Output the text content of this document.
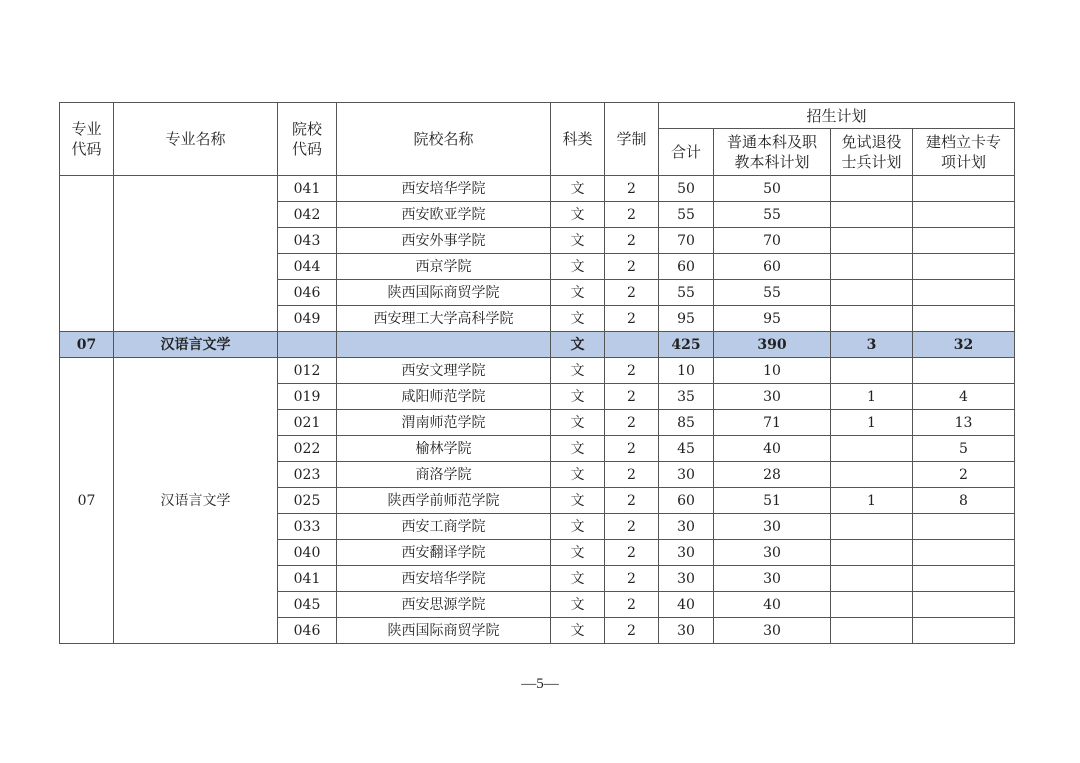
专业代码	专业名称	院校代码	院校名称	科类	学制	招生计划			
						合计	普通本科及职教本科计划	免试退役士兵计划	建档立卡专项计划
		041	西安培华学院	文	2	50	50		
		042	西安欧亚学院	文	2	55	55		
		043	西安外事学院	文	2	70	70		
		044	西京学院	文	2	60	60		
		046	陕西国际商贸学院	文	2	55	55		
		049	西安理工大学高科学院	文	2	95	95		
07	汉语言文学			文		425	390	3	32
07	汉语言文学	012	西安文理学院	文	2	10	10		
		019	咸阳师范学院	文	2	35	30	1	4
		021	渭南师范学院	文	2	85	71	1	13
		022	榆林学院	文	2	45	40		5
		023	商洛学院	文	2	30	28		2
		025	陕西学前师范学院	文	2	60	51	1	8
		033	西安工商学院	文	2	30	30		
		040	西安翻译学院	文	2	30	30		
		041	西安培华学院	文	2	30	30		
		045	西安思源学院	文	2	40	40		
		046	陕西国际商贸学院	文	2	30	30		
—5—
